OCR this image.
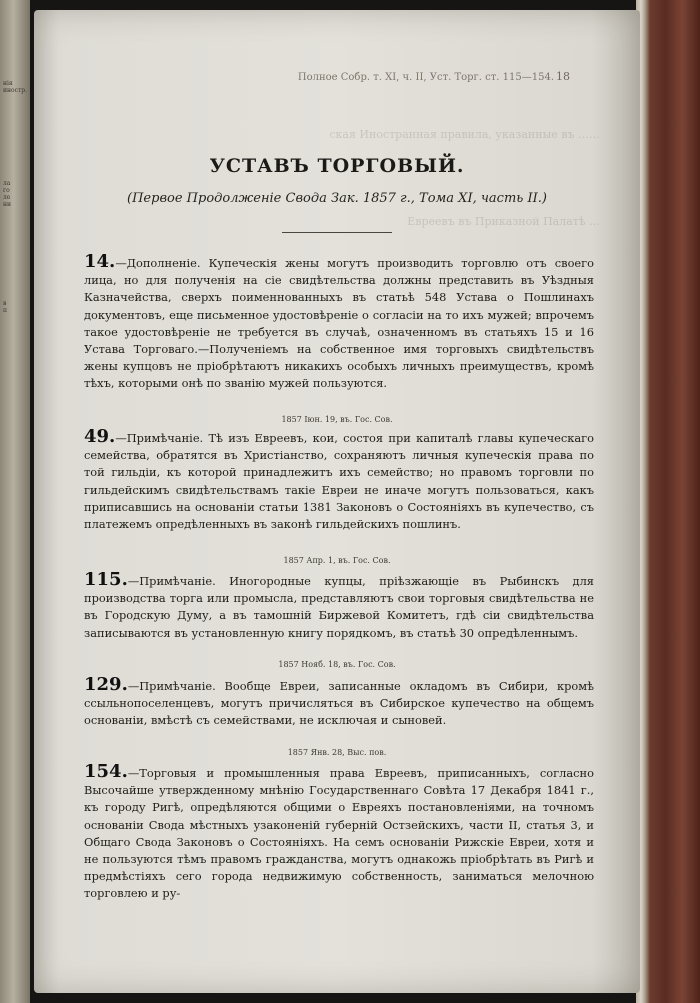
нія
иностр.
ла
го
ле
ни
в
п
ская Иностранная правила, указанные въ ……
Евреевъ въ Приказной Палатѣ …
Полное Собр. т. XI, ч. II, Уст. Торг. ст. 115—154. 18
УСТАВЪ ТОРГОВЫЙ.
(Первое Продолженіе Свода Зак. 1857 г., Тома XI, часть II.)
14.—Дополненіе. Купеческія жены могутъ производить торговлю отъ своего лица, но для полученія на сіе свидѣтельства должны представить въ Уѣздныя Казначейства, сверхъ поименнованныхъ въ статьѣ 548 Устава о Пошлинахъ документовъ, еще письменное удостовѣреніе о согласіи на то ихъ мужей; впрочемъ такое удостовѣреніе не требуется въ случаѣ, означенномъ въ статьяхъ 15 и 16 Устава Торговаго.—Полученіемъ на собственное имя торговыхъ свидѣтельствъ жены купцовъ не пріобрѣтаютъ никакихъ особыхъ личныхъ преимуществъ, кромѣ тѣхъ, которыми онѣ по званію мужей пользуются.
1857 Іюн. 19, въ. Гос. Сов.
49.—Примѣчаніе. Тѣ изъ Евреевъ, кои, состоя при капиталѣ главы купеческаго семейства, обратятся въ Христіанство, сохраняютъ личныя купеческія права по той гильдіи, къ которой принадлежитъ ихъ семейство; но правомъ торговли по гильдейскимъ свидѣтельствамъ такіе Евреи не иначе могутъ пользоваться, какъ приписавшись на основаніи статьи 1381 Законовъ о Состояніяхъ въ купечество, съ платежемъ опредѣленныхъ въ законѣ гильдейскихъ пошлинъ.
1857 Апр. 1, въ. Гос. Сов.
115.—Примѣчаніе. Иногородные купцы, пріѣзжающіе въ Рыбинскъ для производства торга или промысла, представляютъ свои торговыя свидѣтельства не въ Городскую Думу, а въ тамошній Биржевой Комитетъ, гдѣ сіи свидѣтельства записываются въ установленную книгу порядкомъ, въ статьѣ 30 опредѣленнымъ.
1857 Нояб. 18, въ. Гос. Сов.
129.—Примѣчаніе. Вообще Евреи, записанные окладомъ въ Сибири, кромѣ ссыльнопоселенцевъ, могутъ причисляться въ Сибирское купечество на общемъ основаніи, вмѣстѣ съ семействами, не исключая и сыновей.
1857 Янв. 28, Выс. пов.
154.—Торговыя и промышленныя права Евреевъ, приписанныхъ, согласно Высочайше утвержденному мнѣнію Государственнаго Совѣта 17 Декабря 1841 г., къ городу Ригѣ, опредѣляются общими о Евреяхъ постановленіями, на точномъ основаніи Свода мѣстныхъ узаконеній губерній Остзейскихъ, части II, статья 3, и Общаго Свода Законовъ о Состояніяхъ. На семъ основаніи Рижскіе Евреи, хотя и не пользуются тѣмъ правомъ гражданства, могутъ однакожь пріобрѣтать въ Ригѣ и предмѣстіяхъ сего города недвижимую собственность, заниматься мелочною торговлею и ру-
